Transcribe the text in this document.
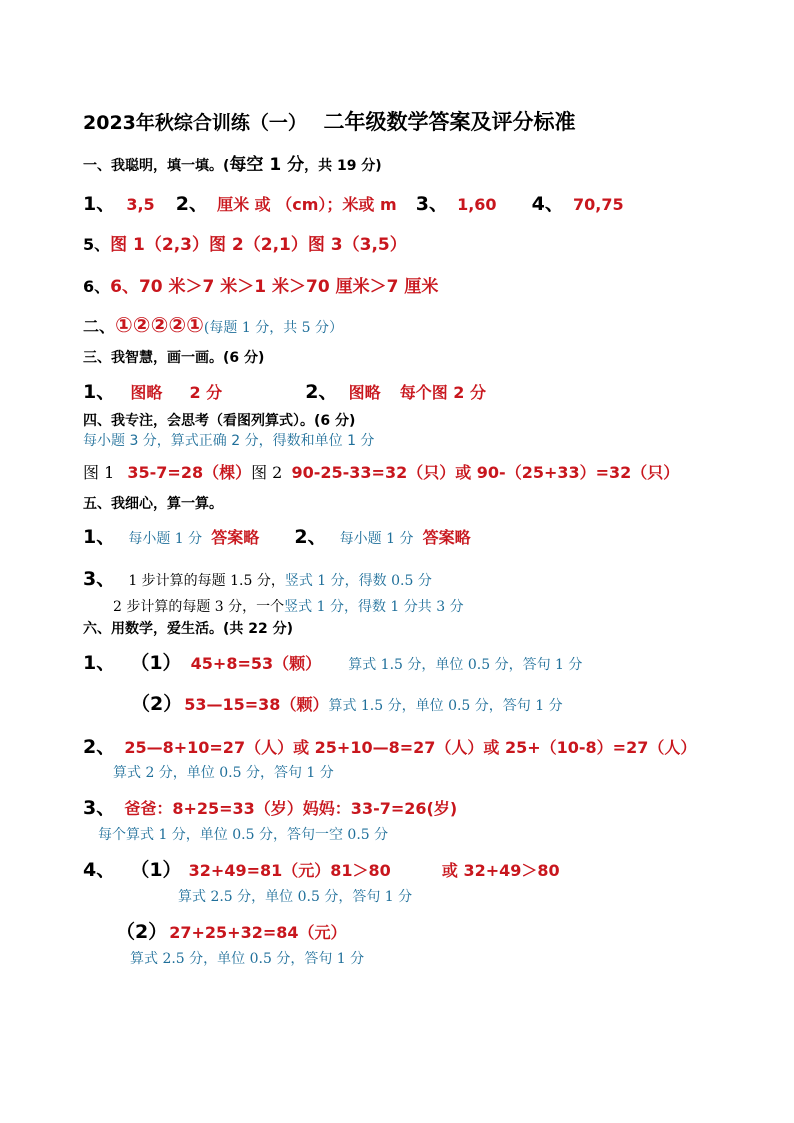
2023年秋综合训练（一） 二年级数学答案及评分标准
一、我聪明，填一填。(每空 1 分，共 19 分)
1、 3,5 2、 厘米 或 （cm）；米或 m 3、 1,60 4、 70,75
5、图 1（2,3）图 2（2,1）图 3（3,5）
6、6、70 米＞7 米＞1 米＞70 厘米＞7 厘米
二、①②②②①(每题 1 分，共 5 分）
三、我智慧，画一画。(6 分)
1、 图略 2 分	2、 图略 每个图 2 分
四、我专注，会思考（看图列算式）。(6 分)
每小题 3 分，算式正确 2 分，得数和单位 1 分
图 1 35-7=28（棵）图 2 90-25-33=32（只）或 90-（25+33）=32（只）
五、我细心，算一算。
1、 每小题 1 分 答案略 2、 每小题 1 分 答案略
3、 1 步计算的每题 1.5 分，竖式 1 分，得数 0.5 分
2 步计算的每题 3 分，一个竖式 1 分，得数 1 分共 3 分
六、用数学，爱生活。(共 22 分)
1、 （1） 45+8=53（颗） 算式 1.5 分，单位 0.5 分，答句 1 分
（2） 53—15=38（颗）算式 1.5 分，单位 0.5 分，答句 1 分
2、 25—8+10=27（人）或 25+10—8=27（人）或 25+（10-8）=27（人）
算式 2 分，单位 0.5 分，答句 1 分
3、 爸爸：8+25=33（岁）妈妈：33-7=26(岁)
每个算式 1 分，单位 0.5 分，答句一空 0.5 分
4、 （1） 32+49=81（元）81＞80	或 32+49＞80
算式 2.5 分，单位 0.5 分，答句 1 分
（2） 27+25+32=84（元）
算式 2.5 分，单位 0.5 分，答句 1 分
